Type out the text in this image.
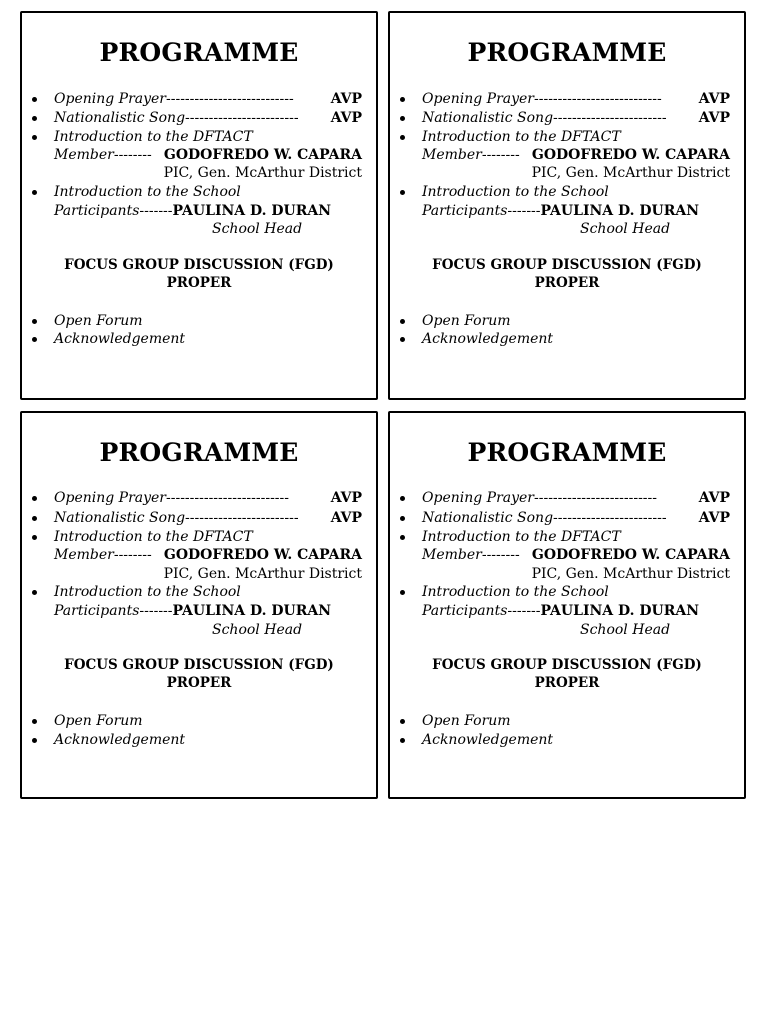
PROGRAMME
Opening Prayer---------------------------	AVP
Nationalistic Song------------------------ AVP
Introduction to the DFTACT
Member-------- GODOFREDO W. CAPARA
PIC, Gen. McArthur District
Introduction to the School
Participants-------PAULINA D. DURAN
School Head
FOCUS GROUP DISCUSSION (FGD)
PROPER
Open Forum
Acknowledgement
PROGRAMME
Opening Prayer---------------------------	AVP
Nationalistic Song------------------------ AVP
Introduction to the DFTACT
Member-------- GODOFREDO W. CAPARA
PIC, Gen. McArthur District
Introduction to the School
Participants-------PAULINA D. DURAN
School Head
FOCUS GROUP DISCUSSION (FGD)
PROPER
Open Forum
Acknowledgement
PROGRAMME
Opening Prayer--------------------------	AVP
Nationalistic Song------------------------ AVP
Introduction to the DFTACT
Member-------- GODOFREDO W. CAPARA
PIC, Gen. McArthur District
Introduction to the School
Participants-------PAULINA D. DURAN
School Head
FOCUS GROUP DISCUSSION (FGD)
PROPER
Open Forum
Acknowledgement
PROGRAMME
Opening Prayer--------------------------	AVP
Nationalistic Song------------------------ AVP
Introduction to the DFTACT
Member-------- GODOFREDO W. CAPARA
PIC, Gen. McArthur District
Introduction to the School
Participants-------PAULINA D. DURAN
School Head
FOCUS GROUP DISCUSSION (FGD)
PROPER
Open Forum
Acknowledgement
